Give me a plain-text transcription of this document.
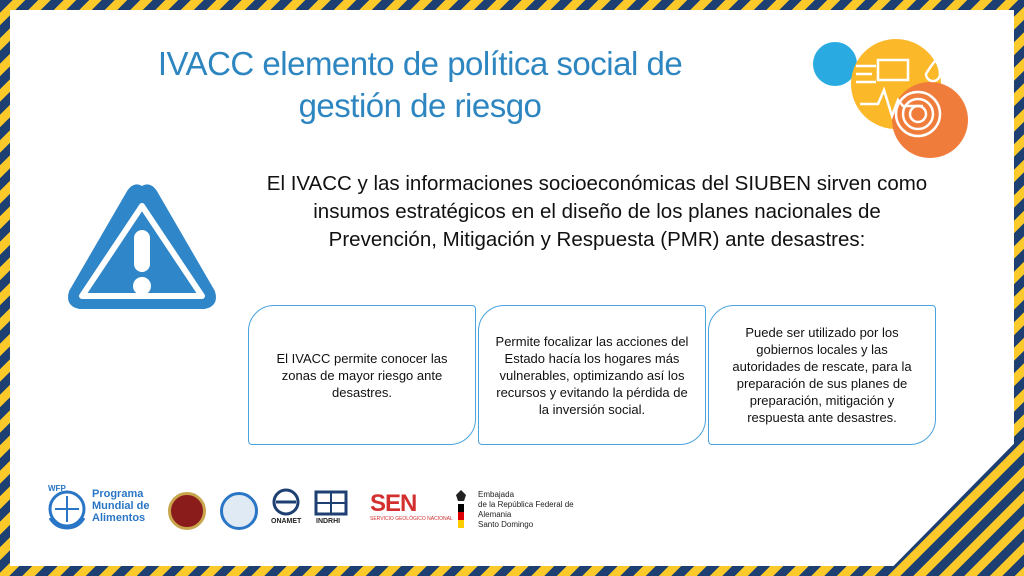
IVACC elemento de política social de
gestión de riesgo
El IVACC y las informaciones socioeconómicas del SIUBEN sirven como insumos estratégicos en el diseño de los planes nacionales de Prevención, Mitigación y Respuesta (PMR) ante desastres:
El IVACC permite conocer las zonas de mayor riesgo ante desastres.
Permite focalizar las acciones del Estado hacía los hogares más vulnerables, optimizando así los recursos y evitando la pérdida de la inversión social.
Puede ser utilizado por los gobiernos locales y las autoridades de rescate, para la preparación de sus planes de preparación, mitigación y respuesta ante desastres.
WFP Programa
Mundial de
Alimentos	ONAMET INDRHI
SEN
SERVICIO GEOLÓGICO NACIONAL
Embajada
de la República Federal de Alemania
Santo Domingo
